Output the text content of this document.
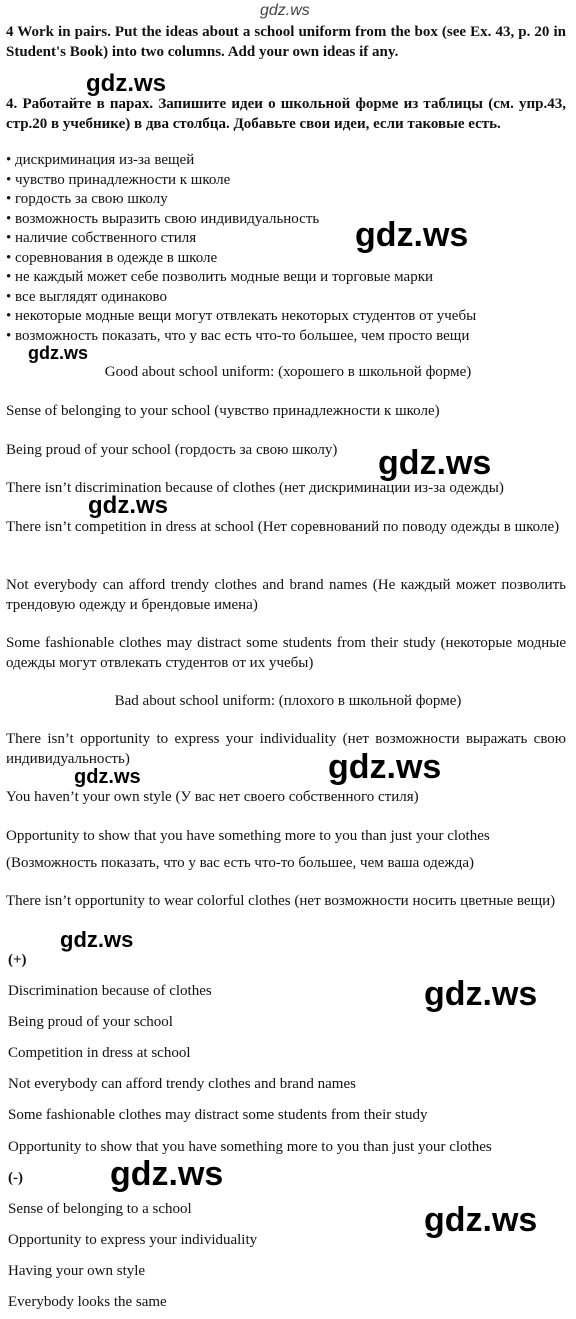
gdz.ws

gdz.ws

gdz.ws

gdz.ws

gdz.ws

gdz.ws

gdz.ws

gdz.ws

gdz.ws

gdz.ws

gdz.ws

gdz.ws

4 Work in pairs. Put the ideas about a school uniform from the box (see Ex. 43, p. 20 in Student's Book) into two columns. Add your own ideas if any.

4. Работайте в парах. Запишите идеи о школьной форме из таблицы (см. упр.43, стр.20 в учебнике) в два столбца. Добавьте свои идеи, если таковые есть.

• дискриминация из-за вещей
• чувство принадлежности к школе
• гордость за свою школу
• возможность выразить свою индивидуальность
• наличие собственного стиля
• соревнования в одежде в школе
• не каждый может себе позволить модные вещи и торговые марки
• все выглядят одинаково
• некоторые модные вещи могут отвлекать некоторых студентов от учебы
• возможность показать, что у вас есть что-то большее, чем просто вещи

Good about school uniform: (хорошего в школьной форме)

Sense of belonging to your school (чувство принадлежности к школе)

Being proud of your school (гордость за свою школу)

There isn’t discrimination because of clothes (нет дискриминации из-за одежды)

There isn’t competition in dress at school (Нет соревнований по поводу одежды в школе)

Not everybody can afford trendy clothes and brand names (Не каждый может позволить трендовую одежду и брендовые имена)

Some fashionable clothes may distract some students from their study (некоторые модные одежды могут отвлекать студентов от их учебы)

Bad about school uniform: (плохого в школьной форме)

There isn’t opportunity to express your individuality (нет возможности выражать свою индивидуальность)

You haven’t your own style (У вас нет своего собственного стиля)

Opportunity to show that you have something more to you than just your clothes

(Возможность показать, что у вас есть что-то большее, чем ваша одежда)

There isn’t opportunity to wear colorful clothes (нет возможности носить цветные вещи)

(+)

Discrimination because of clothes

Being proud of your school

Competition in dress at school

Not everybody can afford trendy clothes and brand names

Some fashionable clothes may distract some students from their study

Opportunity to show that you have something more to you than just your clothes

(-)

Sense of belonging to a school

Opportunity to express your individuality

Having your own style

Everybody looks the same
